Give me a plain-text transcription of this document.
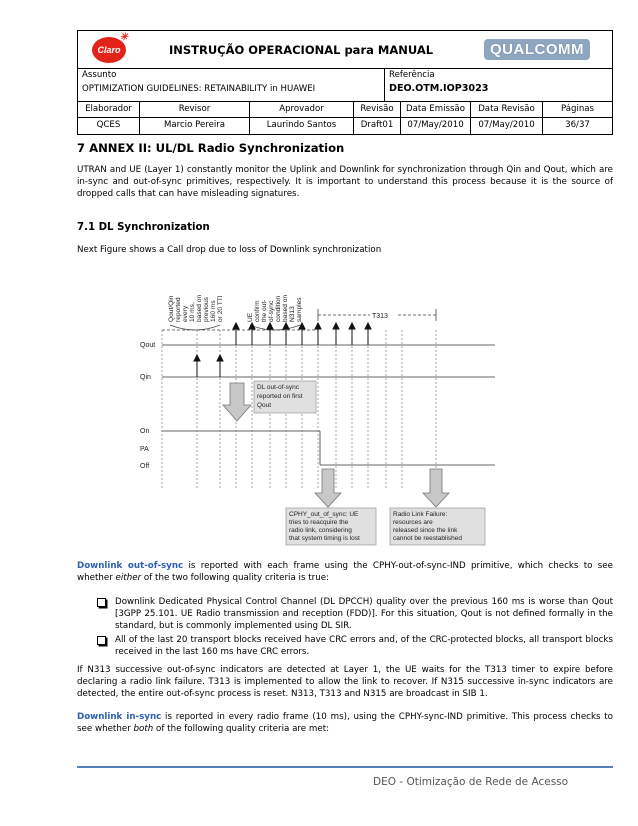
Claro
✳
INSTRUÇÃO OPERACIONAL para MANUAL	QUALCOMM
Assunto
OPTIMIZATION GUIDELINES: RETAINABILITY in HUAWEI
Referência
DEO.OTM.IOP3023
Elaborador	Revisor	Aprovador	Revisão	Data Emissão	Data Revisão	Páginas
QCES	Marcio Pereira	Laurindo Santos	Draft01	07/May/2010	07/May/2010	36/37
7 ANNEX II: UL/DL Radio Synchronization
UTRAN and UE (Layer 1) constantly monitor the Uplink and Downlink for synchronization through Qin and Qout, which are in-sync and out-of-sync primitives, respectively. It is important to understand this process because it is the source of dropped calls that can have misleading signatures.
7.1 DL Synchronization
Next Figure shows a Call drop due to loss of Downlink synchronization
Qout/Qin reported every 10 ms, based on previous 160 ms or 20 TTI	UE confirm the out- of-sync condition based on N313 samples	T313
Qout
Qin
On
PA
Off
DL out-of-sync
reported on first
Qout
CPHY_out_of_sync: UE
tries to reacquire the
radio link, considering
that system timing is lost
Radio Link Failure:
resources are
released since the link
cannot be reestablished
Downlink out-of-sync is reported with each frame using the CPHY-out-of-sync-IND primitive, which checks to see whether either of the two following quality criteria is true:
Downlink Dedicated Physical Control Channel (DL DPCCH) quality over the previous 160 ms is worse than Qout [3GPP 25.101. UE Radio transmission and reception (FDD)]. For this situation, Qout is not defined formally in the standard, but is commonly implemented using DL SIR.
All of the last 20 transport blocks received have CRC errors and, of the CRC-protected blocks, all transport blocks received in the last 160 ms have CRC errors.
If N313 successive out-of-sync indicators are detected at Layer 1, the UE waits for the T313 timer to expire before declaring a radio link failure. T313 is implemented to allow the link to recover. If N315 successive in-sync indicators are detected, the entire out-of-sync process is reset. N313, T313 and N315 are broadcast in SIB 1.
Downlink in-sync is reported in every radio frame (10 ms), using the CPHY-sync-IND primitive. This process checks to see whether both of the following quality criteria are met:
DEO - Otimização de Rede de Acesso
